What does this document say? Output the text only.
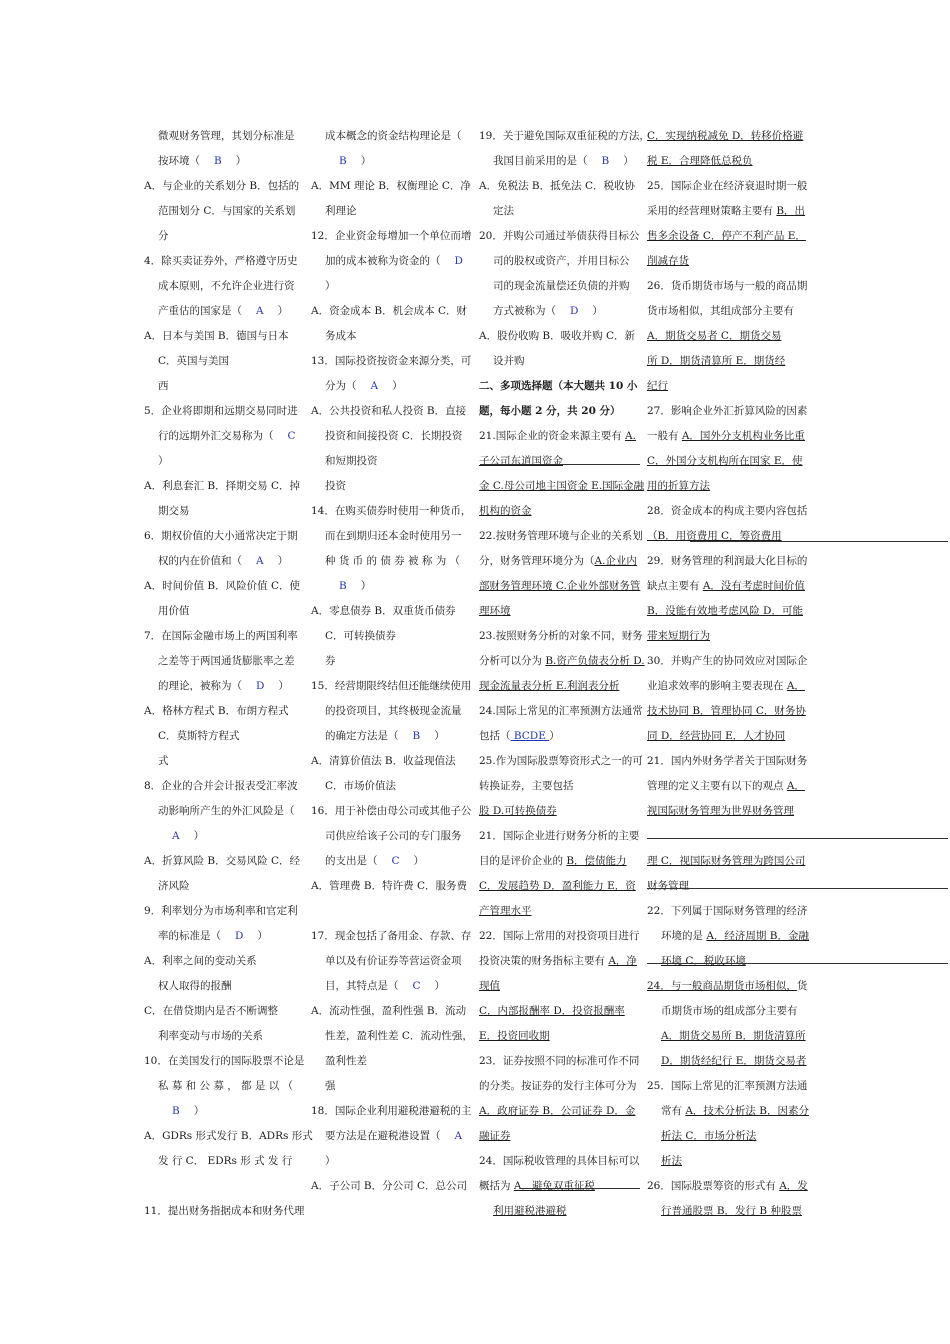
微观财务管理，其划分标准是
按环境（ B ）
A．与企业的关系划分 B．包括的
范围划分 C．与国家的关系划
分
4．除买卖证券外，严格遵守历史
成本原则，不允许企业进行资
产重估的国家是（ A ）
A．日本与美国 B．德国与日本
C．英国与美国
西
5．企业将即期和远期交易同时进
行的远期外汇交易称为（ C
）
A．利息套汇 B．择期交易 C．掉
期交易
6．期权价值的大小通常决定于期
权的内在价值和（ A ）
A．时间价值 B．风险价值 C．使
用价值
7．在国际金融市场上的两国利率
之差等于两国通货膨胀率之差
的理论，被称为（ D ）
A．格林方程式 B．布朗方程式
C．莫斯特方程式
式
8．企业的合并会计报表受汇率波
动影响所产生的外汇风险是（
A ）
A．折算风险 B．交易风险 C．经
济风险
9．利率划分为市场利率和官定利
率的标准是（ D ）
A．利率之间的变动关系
权人取得的报酬
C．在借贷期内是否不断调整
利率变动与市场的关系
10．在美国发行的国际股票不论是
私 募 和 公 募 ， 都 是 以 （
B ）
A．GDRs 形式发行 B．ADRs 形式
发 行 C． EDRs 形 式 发 行
11．提出财务指据成本和财务代理
成本概念的资金结构理论是（
B ）
A．MM 理论 B．权衡理论 C．净
利理论
12．企业资金每增加一个单位而增
加的成本被称为资金的（ D
）
A．资金成本 B．机会成本 C．财
务成本
13．国际投资按资金来源分类，可
分为（ A ）
A．公共投资和私人投资 B．直接
投资和间接投资 C．长期投资
和短期投资
投资
14．在购买债券时使用一种货币，
而在到期归还本金时使用另一
种 货 币 的 债 券 被 称 为 （
B ）
A．零息债券 B．双重货币债券
C．可转换债券
券
15．经营期限终结但还能继续使用
的投资项目，其终极现金流量
的确定方法是（ B ）
A．清算价值法 B．收益现值法
C．市场价值法
16．用于补偿由母公司或其他子公
司供应给该子公司的专门服务
的支出是（ C ）
A．管理费 B．特许费 C．服务费
17．现金包括了备用金、存款、存
单以及有价证券等营运资金项
目，其特点是（ C ）
A．流动性强，盈利性强 B．流动
性差，盈利性差 C．流动性强，
盈利性差
强
18．国际企业利用避税港避税的主
要方法是在避税港设置（ A
）
A．子公司 B．分公司 C．总公司
19．关于避免国际双重征税的方法，
我国目前采用的是（ B ）
A．免税法 B．抵免法 C．税收协
定法
20．并购公司通过举债获得目标公
司的股权或资产，并用目标公
司的现金流量偿还负债的并购
方式被称为（ D ）
A．股份收购 B．吸收并购 C．新
设并购
二、多项选择题（本大题共 10 小
题，每小题 2 分，共 20 分）
21.国际企业的资金来源主要有 A.
子公司东道国资金
金 C.母公司地主国资金 E.国际金融
机构的资金
22.按财务管理环境与企业的关系划
分，财务管理环境分为（A.企业内
部财务管理环境 C.企业外部财务管
理环境
23.按照财务分析的对象不同，财务
分析可以分为 B.资产负债表分析 D.
现金流量表分析 E.利润表分析
24.国际上常见的汇率预测方法通常
包括（ BCDE ）
25.作为国际股票筹资形式之一的可
转换证券，主要包括
股 D.可转换债券
21．国际企业进行财务分析的主要
目的是评价企业的 B．偿债能力
C．发展趋势 D．盈利能力 E．资
产管理水平
22．国际上常用的对投资项目进行
投资决策的财务指标主要有 A．净
现值
C．内部报酬率 D．投资报酬率
E．投资回收期
23．证券按照不同的标准可作不同
的分类。按证券的发行主体可分为
A．政府证券 B．公司证券 D．金
融证券
24．国际税收管理的具体目标可以
概括为 A．避免双重征税
利用避税港避税
C．实现纳税减免 D．转移价格避
税 E．合理降低总税负
25．国际企业在经济衰退时期一般
采用的经营理财策略主要有 B．出
售多余设备 C．停产不利产品 E．
削减存货
26．货币期货市场与一般的商品期
货市场相似，其组成部分主要有
A．期货交易者 C．期货交易
所 D．期货清算所 E．期货经
纪行
27．影响企业外汇折算风险的因素
一般有 A．国外分支机构业务比重
C．外国分支机构所在国家 E．使
用的折算方法
28．资金成本的构成主要内容包括
（B．用资费用 C．筹资费用
29．财务管理的利润最大化目标的
缺点主要有 A．没有考虑时间价值
B．没能有效地考虑风险 D．可能
带来短期行为
30．并购产生的协同效应对国际企
业追求效率的影响主要表现在 A．
技术协同 B．管理协同 C．财务协
同 D．经营协同 E．人才协同
21．国内外财务学者关于国际财务
管理的定义主要有以下的观点 A．
视国际财务管理为世界财务管理
理 C．视国际财务管理为跨国公司
财务管理
22．下列属于国际财务管理的经济
环境的是 A．经济周期 B．金融
环境 C．税收环境
24．与一般商品期货市场相似，货
币期货市场的组成部分主要有
A．期货交易所 B．期货清算所
D．期货经纪行 E．期货交易者
25．国际上常见的汇率预测方法通
常有 A．技术分析法 B．因素分
析法 C．市场分析法
析法
26．国际股票筹资的形式有 A．发
行普通股票 B．发行 B 种股票
